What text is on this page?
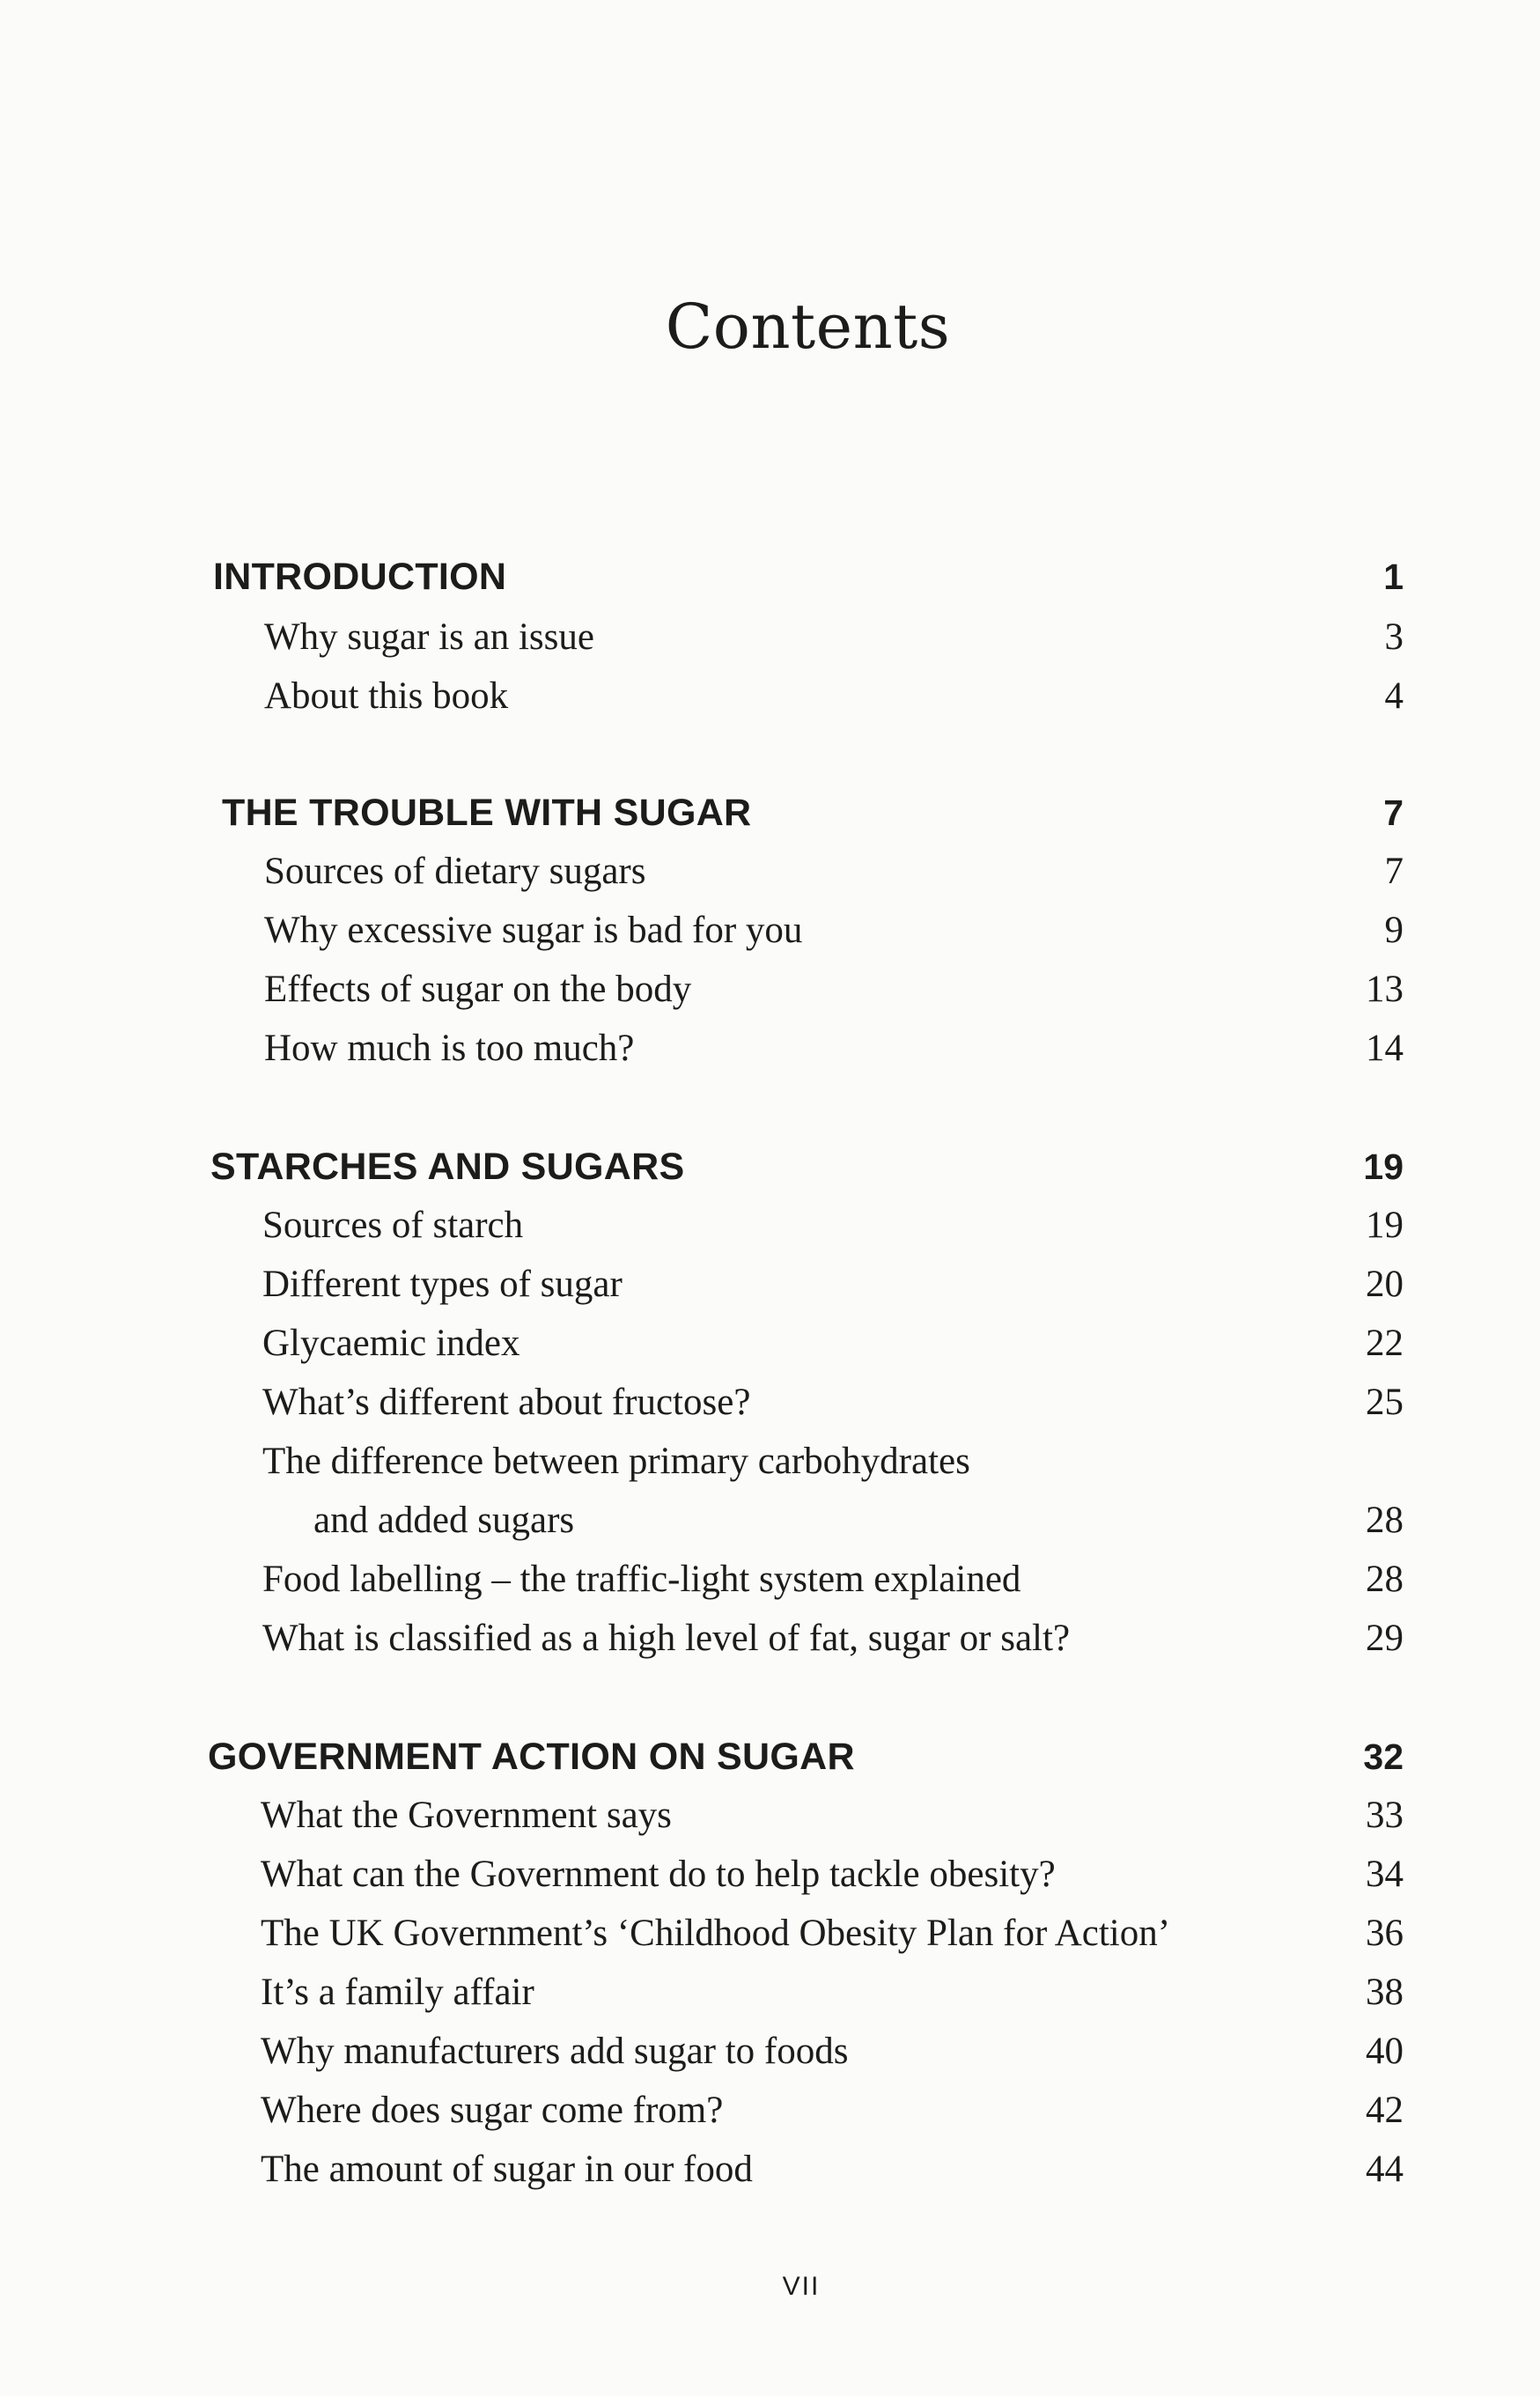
Contents
INTRODUCTION	1
Why sugar is an issue	3
About this book	4
THE TROUBLE WITH SUGAR	7
Sources of dietary sugars	7
Why excessive sugar is bad for you	9
Effects of sugar on the body	13
How much is too much?	14
STARCHES AND SUGARS	19
Sources of starch	19
Different types of sugar	20
Glycaemic index	22
What’s different about fructose?	25
The difference between primary carbohydrates
and added sugars	28
Food labelling – the traffic-light system explained	28
What is classified as a high level of fat, sugar or salt?	29
GOVERNMENT ACTION ON SUGAR	32
What the Government says	33
What can the Government do to help tackle obesity?	34
The UK Government’s ‘Childhood Obesity Plan for Action’	36
It’s a family affair	38
Why manufacturers add sugar to foods	40
Where does sugar come from?	42
The amount of sugar in our food	44
VII
